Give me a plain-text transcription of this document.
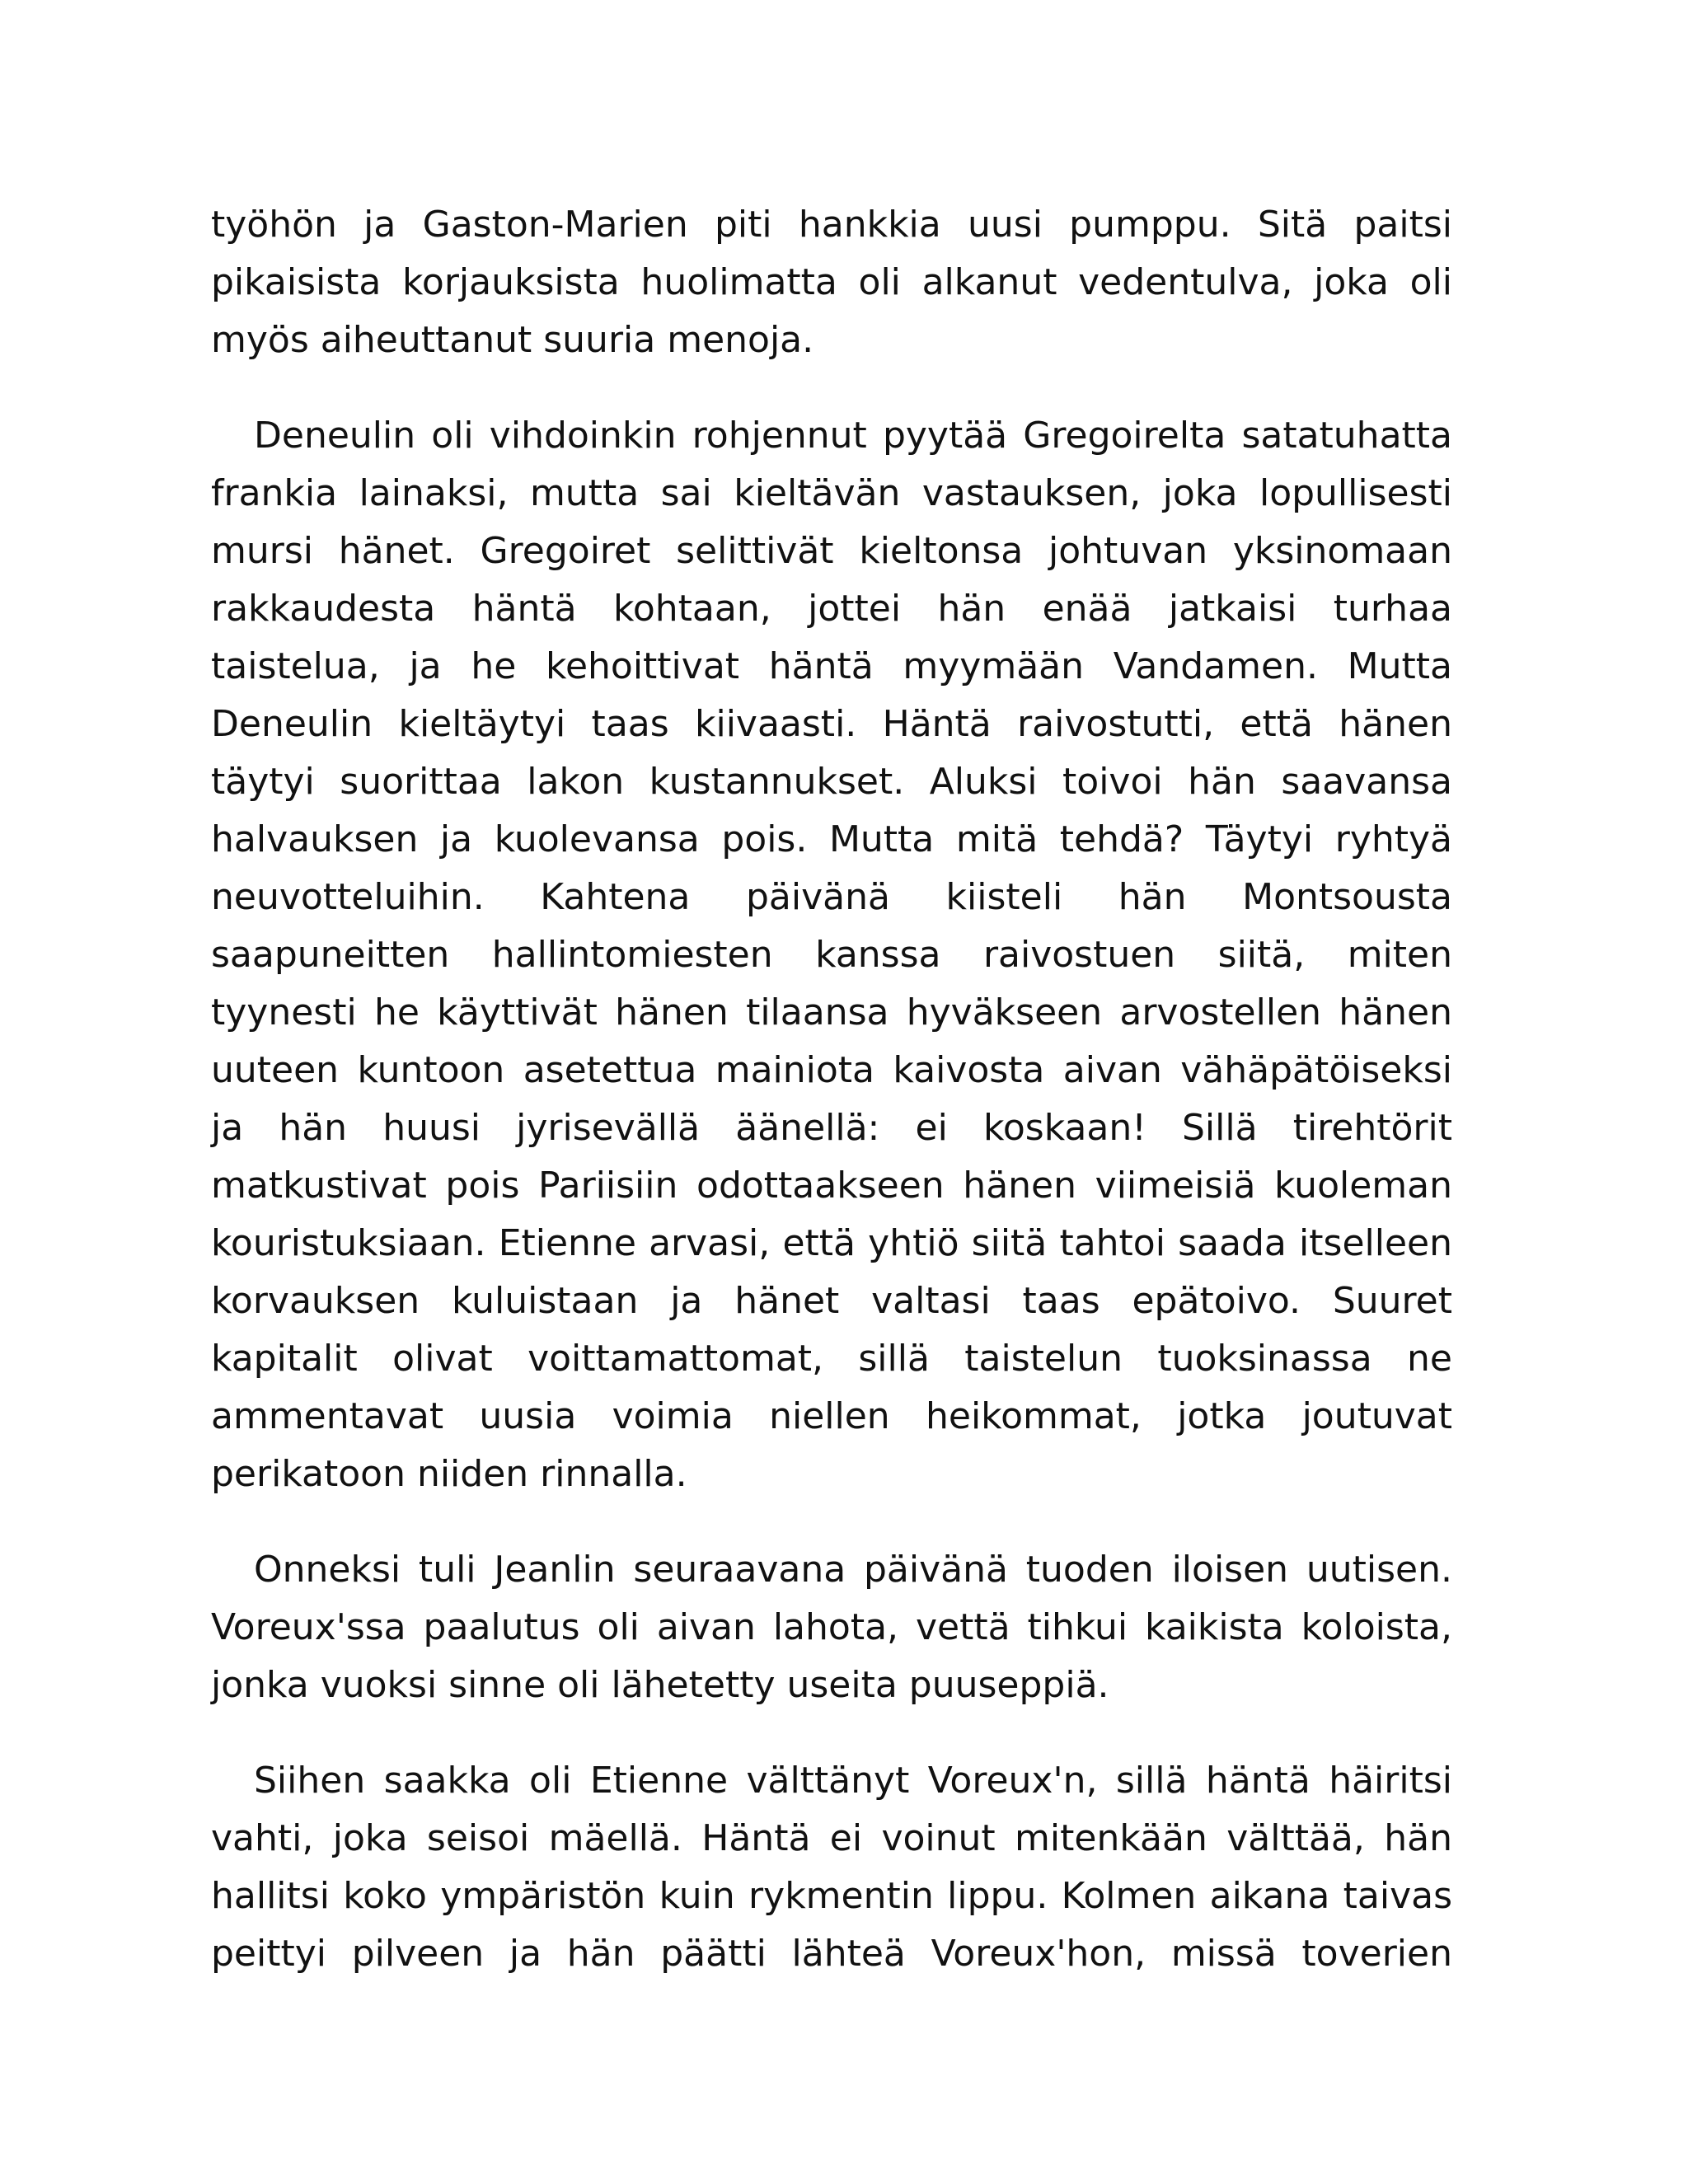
työhön ja Gaston-Marien piti hankkia uusi pumppu. Sitä paitsi pikaisista korjauksista huolimatta oli alkanut vedentulva, joka oli myös aiheuttanut suuria menoja.

Deneulin oli vihdoinkin rohjennut pyytää Gregoirelta satatuhatta frankia lainaksi, mutta sai kieltävän vastauksen, joka lopullisesti mursi hänet. Gregoiret selittivät kieltonsa johtuvan yksinomaan rakkaudesta häntä kohtaan, jottei hän enää jatkaisi turhaa taistelua, ja he kehoittivat häntä myymään Vandamen. Mutta Deneulin kieltäytyi taas kiivaasti. Häntä raivostutti, että hänen täytyi suorittaa lakon kustannukset. Aluksi toivoi hän saavansa halvauksen ja kuolevansa pois. Mutta mitä tehdä? Täytyi ryhtyä neuvotteluihin. Kahtena päivänä kiisteli hän Montsousta saapuneitten hallintomiesten kanssa raivostuen siitä, miten tyynesti he käyttivät hänen tilaansa hyväkseen arvostellen hänen uuteen kuntoon asetettua mainiota kaivosta aivan vähäpätöiseksi ja hän huusi jyrisevällä äänellä: ei koskaan! Sillä tirehtörit matkustivat pois Pariisiin odottaakseen hänen viimeisiä kuoleman kouristuksiaan. Etienne arvasi, että yhtiö siitä tahtoi saada itselleen korvauksen kuluistaan ja hänet valtasi taas epätoivo. Suuret kapitalit olivat voittamattomat, sillä taistelun tuoksinassa ne ammentavat uusia voimia niellen heikommat, jotka joutuvat perikatoon niiden rinnalla.

Onneksi tuli Jeanlin seuraavana päivänä tuoden iloisen uutisen. Voreux'ssa paalutus oli aivan lahota, vettä tihkui kaikista koloista, jonka vuoksi sinne oli lähetetty useita puuseppiä.

Siihen saakka oli Etienne välttänyt Voreux'n, sillä häntä häiritsi vahti, joka seisoi mäellä. Häntä ei voinut mitenkään välttää, hän hallitsi koko ympäristön kuin rykmentin lippu. Kolmen aikana taivas peittyi pilveen ja hän päätti lähteä Voreux'hon, missä toverien
